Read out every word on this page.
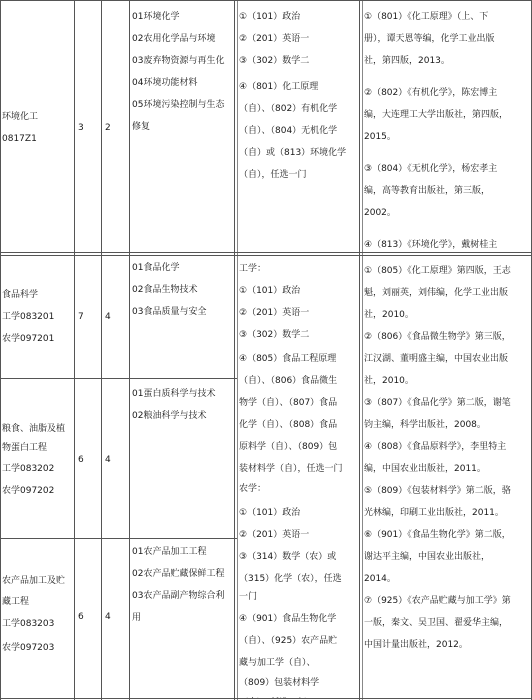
环境化工
0817Z1
3 2
01环境化学
02农用化学品与环境
03废弃物资源与再生化
04环境功能材料
05环境污染控制与生态
修复
①（101）政治
②（201）英语一
③（302）数学二
④（801）化工原理
（自）、（802）有机化学
（自）、（804）无机化学
（自）或（813）环境化学
（自），任选一门
①（801）《化工原理》（上、下
册），谭天恩等编，化学工业出版
社，第四版，2013。
②（802）《有机化学》，陈宏博主
编，大连理工大学出版社，第四版，
2015。
③（804）《无机化学》，杨宏孝主
编，高等教育出版社，第三版，
2002。
④（813）《环境化学》，戴树桂主
食品科学
工学083201
农学097201
7 4
01食品化学
02食品生物技术
03食品质量与安全
粮食、油脂及植
物蛋白工程
工学083202
农学097202
6 4
01蛋白质科学与技术
02粮油科学与技术
农产品加工及贮
藏工程
工学083203
农学097203
6 4
01农产品加工工程
02农产品贮藏保鲜工程
03农产品副产物综合利
用
工学：
①（101）政治
②（201）英语一
③（302）数学二
④（805）食品工程原理
（自）、（806）食品微生
物学（自）、（807）食品
化学（自）、（808）食品
原料学（自）、（809）包
装材料学（自），任选一门
农学：
①（101）政治
②（201）英语一
③（314）数学（农）或
（315）化学（农），任选
一门
④（901）食品生物化学
（自）、（925）农产品贮
藏与加工学（自）、
（809）包装材料学
①（805）《化工原理》第四版，王志
魁，刘丽英，刘伟编，化学工业出版
社，2010。
②（806）《食品微生物学》第三版，
江汉湖、董明盛主编，中国农业出版
社，2010。
③（807）《食品化学》第二版，谢笔
钧主编，科学出版社，2008。
④（808）《食品原料学》，李里特主
编，中国农业出版社，2011。
⑤（809）《包装材料学》第二版，骆
光林编，印刷工业出版社，2011。
⑥（901）《食品生物化学》第二版，
谢达平主编，中国农业出版社，
2014。
⑦（925）《农产品贮藏与加工学》第
一版，秦文、吴卫国、翟爱华主编，
中国计量出版社，2012。
